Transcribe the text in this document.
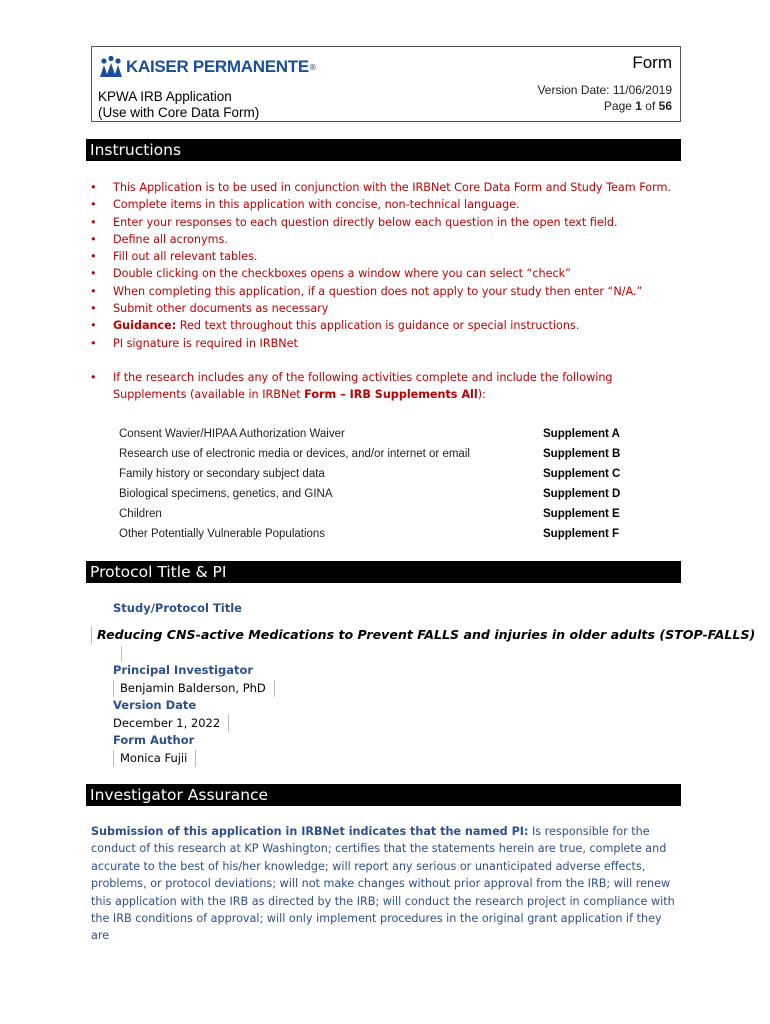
KAISER PERMANENTE ®
KPWA IRB Application
(Use with Core Data Form)
Form
Version Date: 11/06/2019
Page 1 of 56
Instructions
• This Application is to be used in conjunction with the IRBNet Core Data Form and Study Team Form.
• Complete items in this application with concise, non-technical language.
• Enter your responses to each question directly below each question in the open text field.
• Define all acronyms.
• Fill out all relevant tables.
• Double clicking on the checkboxes opens a window where you can select “check”
• When completing this application, if a question does not apply to your study then enter “N/A.”
• Submit other documents as necessary
• Guidance: Red text throughout this application is guidance or special instructions.
• PI signature is required in IRBNet
• If the research includes any of the following activities complete and include the following Supplements (available in IRBNet Form – IRB Supplements All):
Consent Wavier/HIPAA Authorization Waiver	Supplement A
Research use of electronic media or devices, and/or internet or email	Supplement B
Family history or secondary subject data	Supplement C
Biological specimens, genetics, and GINA	Supplement D
Children	Supplement E
Other Potentially Vulnerable Populations	Supplement F
Protocol Title & PI
Study/Protocol Title
Reducing CNS-active Medications to Prevent FALLS and injuries in older adults (STOP-FALLS)
Principal Investigator
Benjamin Balderson, PhD
Version Date
December 1, 2022
Form Author
Monica Fujii
Investigator Assurance
Submission of this application in IRBNet indicates that the named PI: Is responsible for the conduct of this research at KP Washington; certifies that the statements herein are true, complete and accurate to the best of his/her knowledge; will report any serious or unanticipated adverse effects, problems, or protocol deviations; will not make changes without prior approval from the IRB; will renew this application with the IRB as directed by the IRB; will conduct the research project in compliance with the IRB conditions of approval; will only implement procedures in the original grant application if they are
